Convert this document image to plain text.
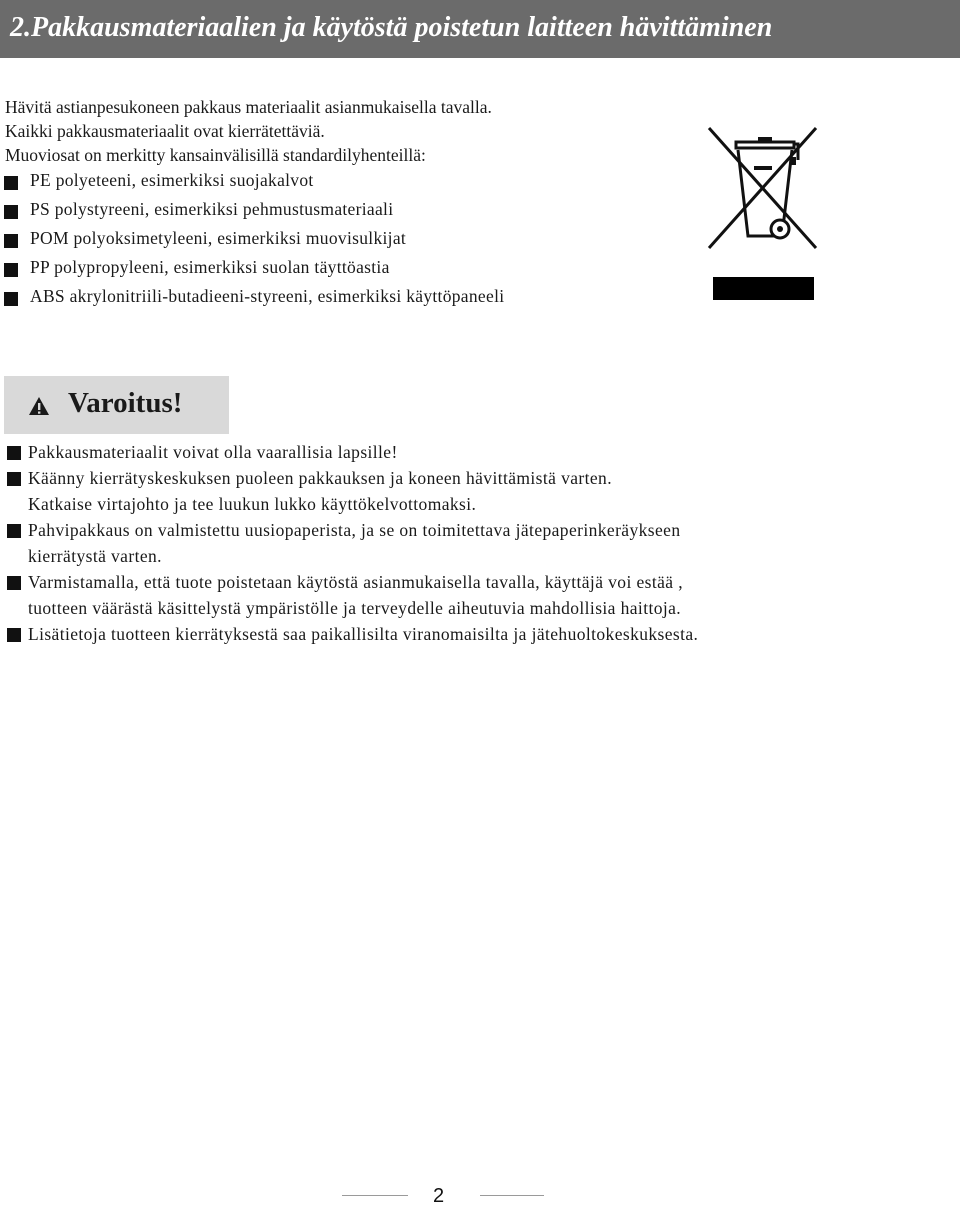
2.Pakkausmateriaalien ja käytöstä poistetun laitteen hävittäminen
Hävitä astianpesukoneen pakkaus materiaalit asianmukaisella tavalla.
Kaikki pakkausmateriaalit ovat kierrätettäviä.
Muoviosat on merkitty kansainvälisillä standardilyhenteillä:
PE polyeteeni, esimerkiksi suojakalvot
PS polystyreeni, esimerkiksi pehmustusmateriaali
POM polyoksimetyleeni, esimerkiksi muovisulkijat
PP polypropyleeni, esimerkiksi suolan täyttöastia
ABS akrylonitriili-butadieeni-styreeni, esimerkiksi käyttöpaneeli
Varoitus!
Pakkausmateriaalit voivat olla vaarallisia lapsille!
Käänny kierrätyskeskuksen puoleen pakkauksen ja koneen hävittämistä varten.
Katkaise virtajohto ja tee luukun lukko käyttökelvottomaksi.
Pahvipakkaus on valmistettu uusiopaperista, ja se on toimitettava jätepaperinkeräykseen
kierrätystä varten.
Varmistamalla, että tuote poistetaan käytöstä asianmukaisella tavalla, käyttäjä voi estää ,
tuotteen väärästä käsittelystä ympäristölle ja terveydelle aiheutuvia mahdollisia haittoja.
Lisätietoja tuotteen kierrätyksestä saa paikallisilta viranomaisilta ja jätehuoltokeskuksesta.
2
